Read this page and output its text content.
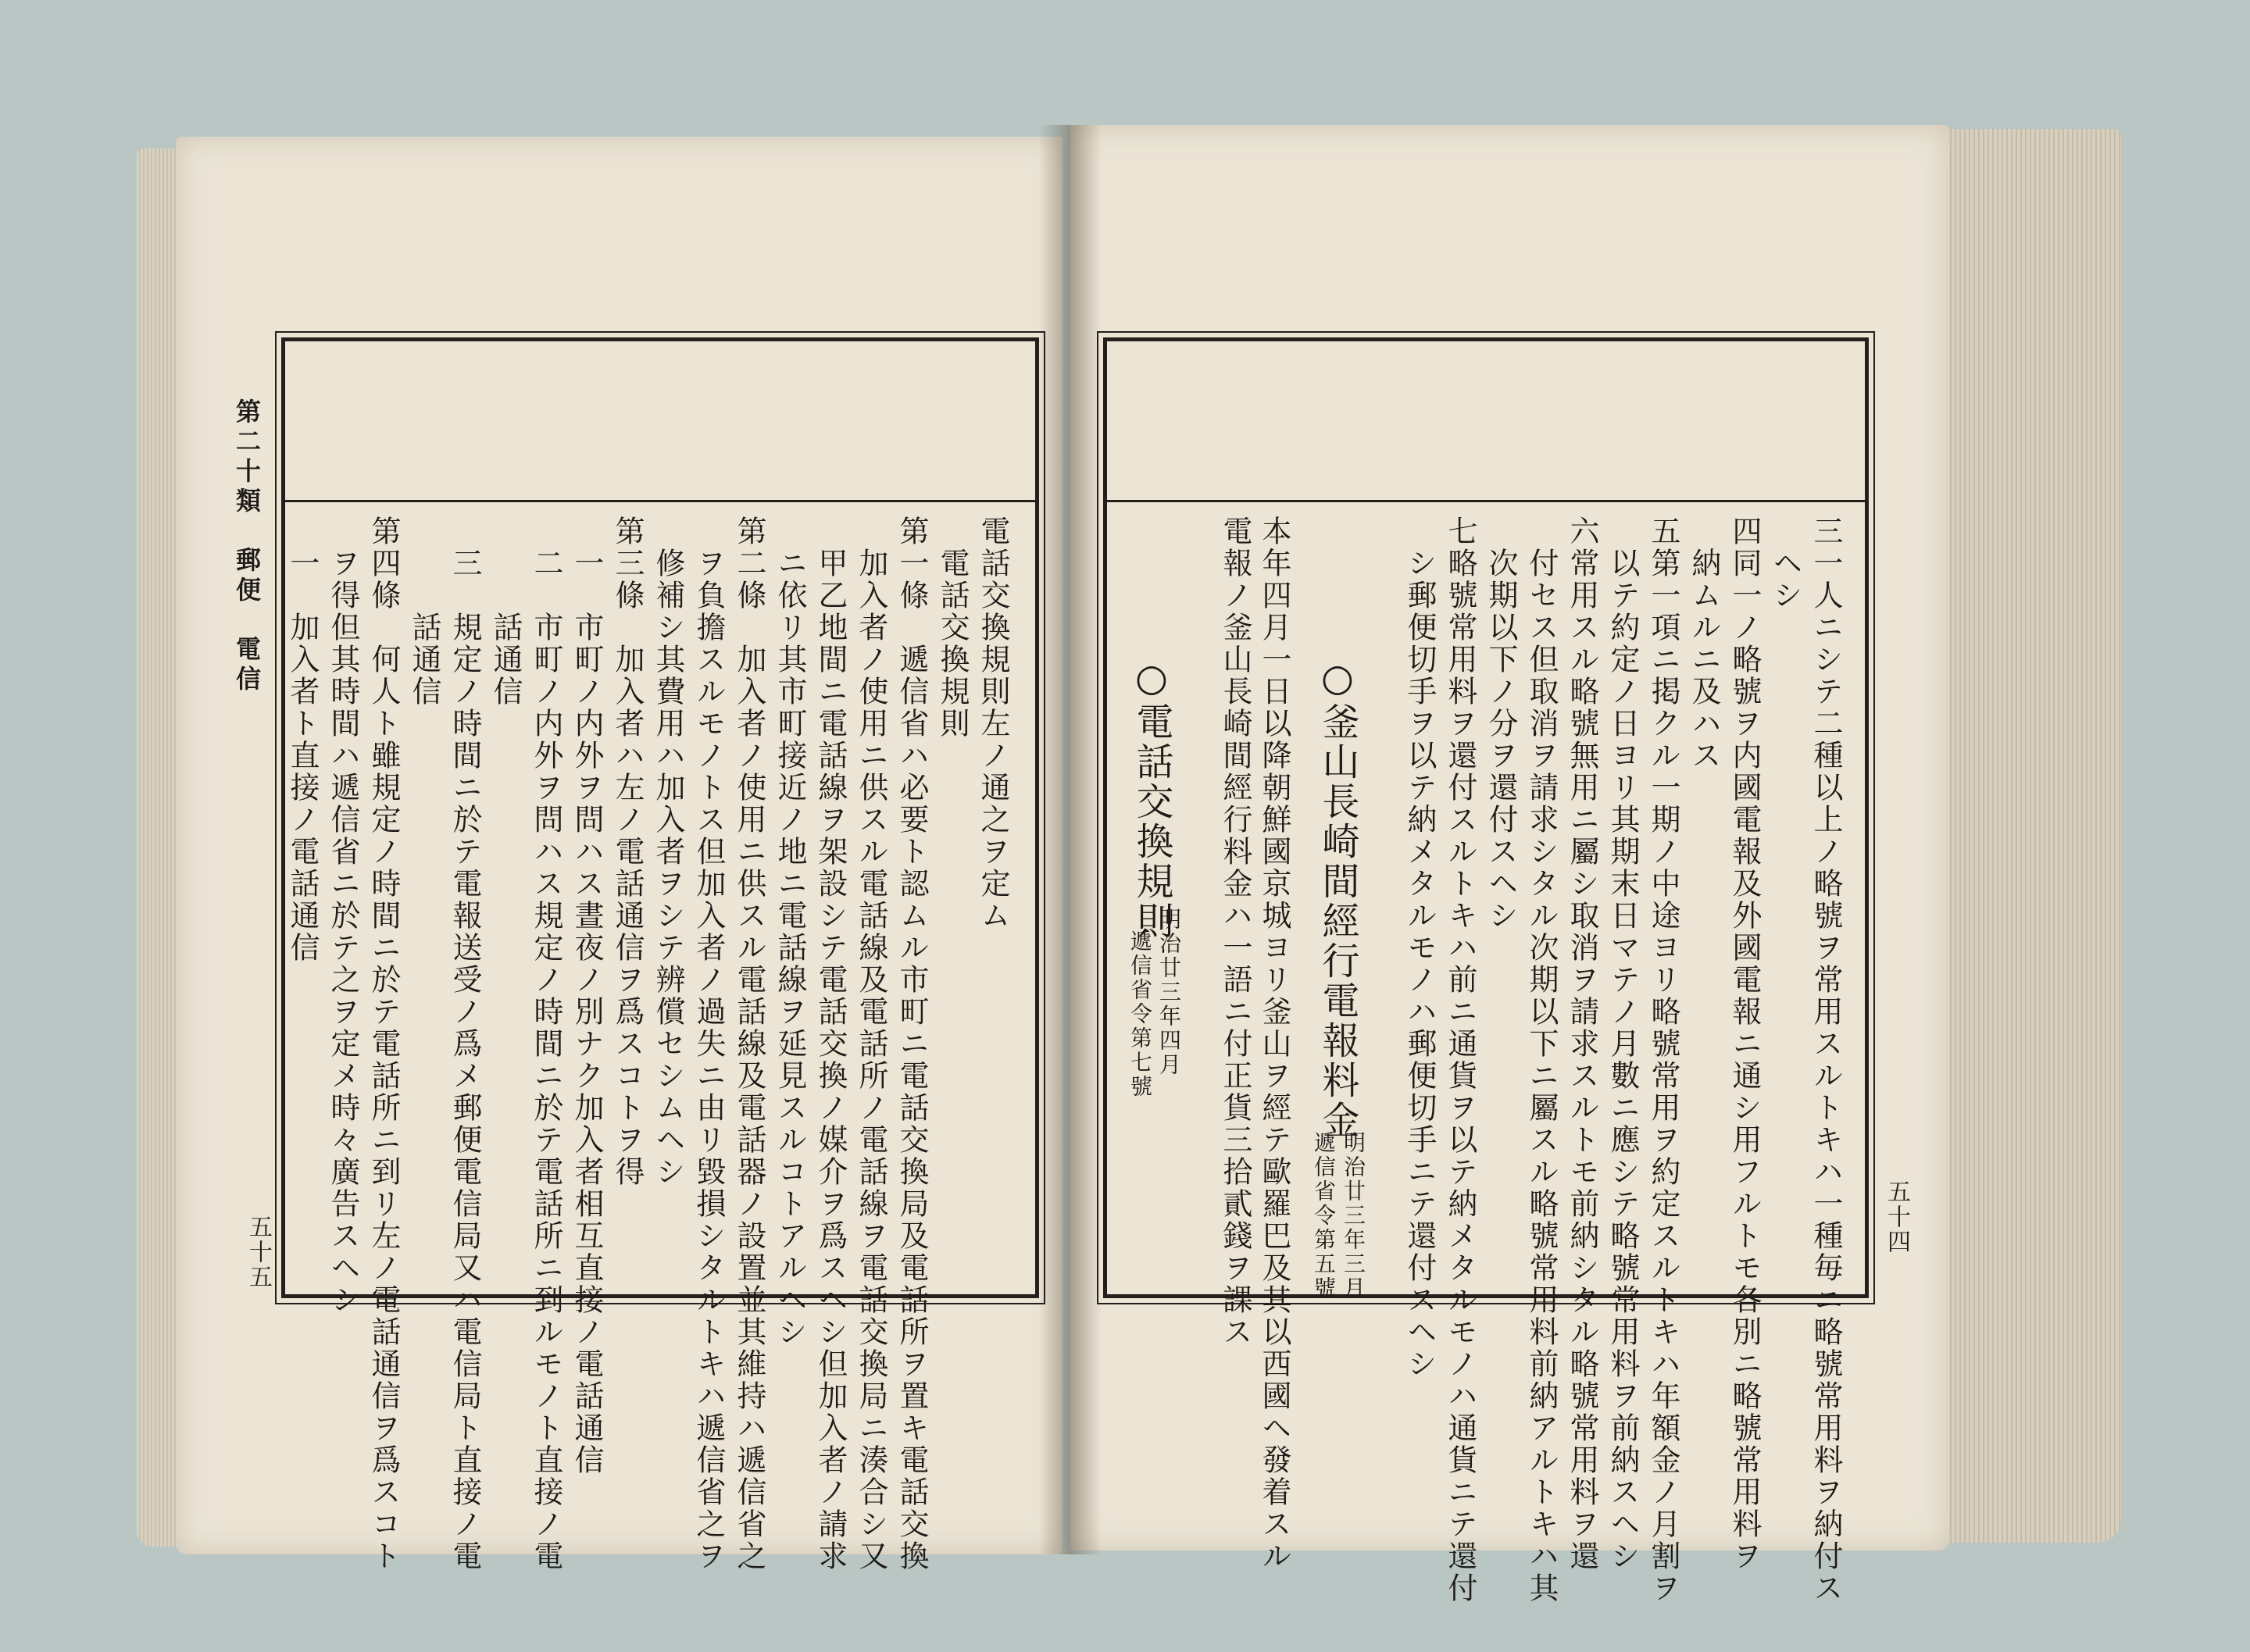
第二十類　郵便　電信
五十五
電話交換規則左ノ通之ヲ定ム
　電話交換規則
第一條　遞信省ハ必要ト認ムル市町ニ電話交換局及電話所ヲ置キ電話交換
　加入者ノ使用ニ供スル電話線及電話所ノ電話線ヲ電話交換局ニ湊合シ又
　甲乙地間ニ電話線ヲ架設シテ電話交換ノ媒介ヲ爲スヘシ但加入者ノ請求
　ニ依リ其市町接近ノ地ニ電話線ヲ延見スルコトアルヘシ
第二條　加入者ノ使用ニ供スル電話線及電話器ノ設置並其維持ハ遞信省之
　ヲ負擔スルモノトス但加入者ノ過失ニ由リ毀損シタルトキハ遞信省之ヲ
　修補シ其費用ハ加入者ヲシテ辨償セシムヘシ
第三條　加入者ハ左ノ電話通信ヲ爲スコトヲ得
　一　市町ノ内外ヲ問ハス晝夜ノ別ナク加入者相互直接ノ電話通信
　二　市町ノ内外ヲ問ハス規定ノ時間ニ於テ電話所ニ到ルモノト直接ノ電
　　　話通信
　三　規定ノ時間ニ於テ電報送受ノ爲メ郵便電信局又ハ電信局ト直接ノ電
　　　話通信
第四條　何人ト雖規定ノ時間ニ於テ電話所ニ到リ左ノ電話通信ヲ爲スコト
　ヲ得但其時間ハ遞信省ニ於テ之ヲ定メ時々廣告スヘシ
　一　加入者ト直接ノ電話通信
五十四
三一人ニシテ二種以上ノ略號ヲ常用スルトキハ一種毎ニ略號常用料ヲ納付ス
　ヘシ
四同一ノ略號ヲ内國電報及外國電報ニ通シ用フルトモ各別ニ略號常用料ヲ
　納ムルニ及ハス
五第一項ニ掲クル一期ノ中途ヨリ略號常用ヲ約定スルトキハ年額金ノ月割ヲ
　以テ約定ノ日ヨリ其期末日マテノ月數ニ應シテ略號常用料ヲ前納スヘシ
六常用スル略號無用ニ屬シ取消ヲ請求スルトモ前納シタル略號常用料ヲ還
　付セス但取消ヲ請求シタル次期以下ニ屬スル略號常用料前納アルトキハ其
　次期以下ノ分ヲ還付スヘシ
七略號常用料ヲ還付スルトキハ前ニ通貨ヲ以テ納メタルモノハ通貨ニテ還付
　シ郵便切手ヲ以テ納メタルモノハ郵便切手ニテ還付スヘシ
○釜山長崎間經行電報料金
明治廿三年三月
遞信省令第五號
本年四月一日以降朝鮮國京城ヨリ釜山ヲ經テ歐羅巴及其以西國ヘ發着スル
電報ノ釜山長崎間經行料金ハ一語ニ付正貨三拾貳錢ヲ課ス
○電話交換規則
明治廿三年四月
遞信省令第七號
